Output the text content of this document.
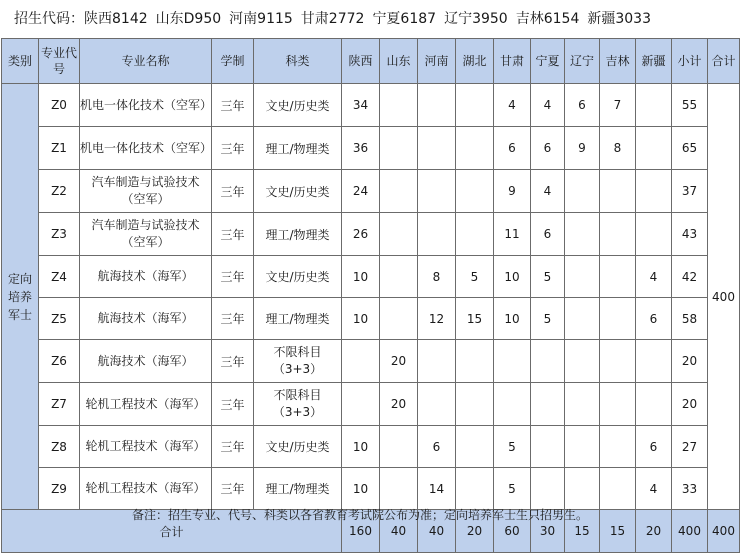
招生代码：陕西8142 山东D950 河南9115 甘肃2772 宁夏6187 辽宁3950 吉林6154 新疆3033
类别	专业代号	专业名称	学制	科类	陕西	山东	河南	湖北	甘肃	宁夏	辽宁	吉林	新疆	小计	合计

定向培养军士	Z0	机电一体化技术（空军）	三年	文史/历史类	34				4	4	6	7		55	400
	Z1	机电一体化技术（空军）	三年	理工/物理类	36				6	6	9	8		65	
	Z2	汽车制造与试验技术（空军）	三年	文史/历史类	24				9	4				37	
	Z3	汽车制造与试验技术（空军）	三年	理工/物理类	26				11	6				43	
	Z4	航海技术（海军）	三年	文史/历史类	10		8	5	10	5			4	42	
	Z5	航海技术（海军）	三年	理工/物理类	10		12	15	10	5			6	58	
	Z6	航海技术（海军）	三年	不限科目（3+3）		20								20	
	Z7	轮机工程技术（海军）	三年	不限科目（3+3）		20								20	
	Z8	轮机工程技术（海军）	三年	文史/历史类	10		6		5				6	27	
	Z9	轮机工程技术（海军）	三年	理工/物理类	10		14		5				4	33	
合计					160	40	40	20	60	30	15	15	20	400	400
备注：招生专业、代号、科类以各省教育考试院公布为准；定向培养军士生只招男生。
